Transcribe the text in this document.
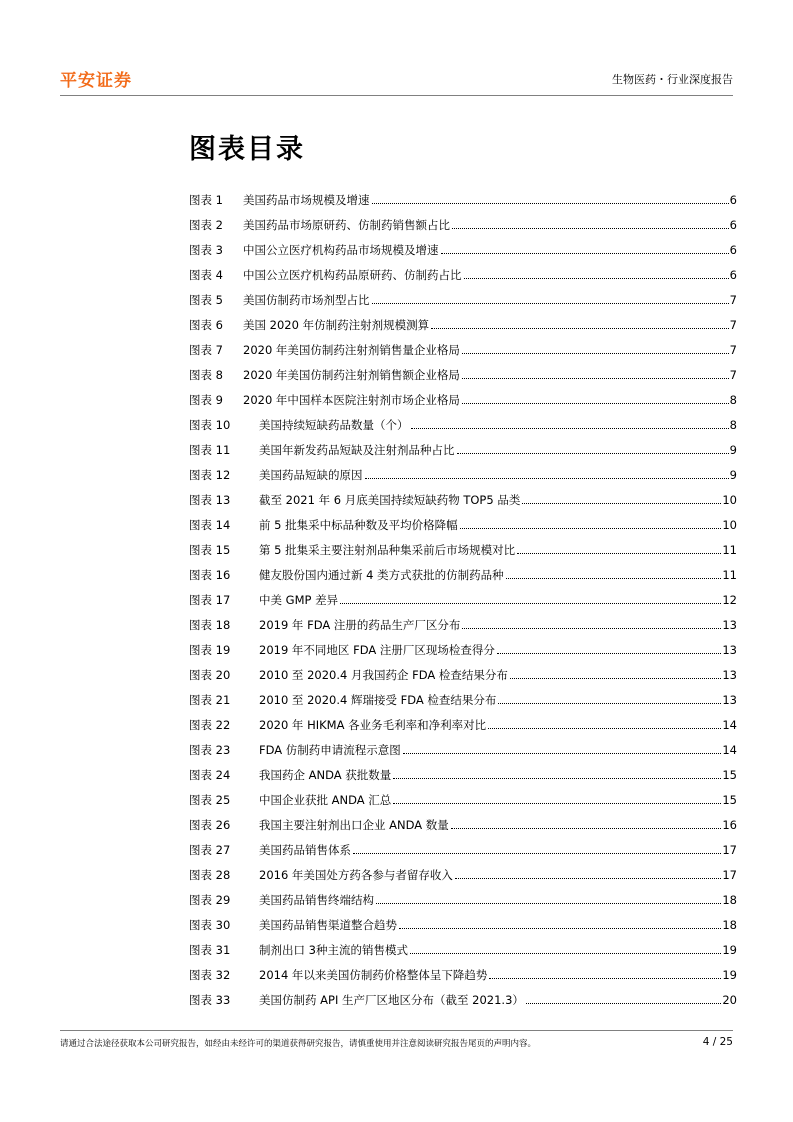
平安证券	生物医药・行业深度报告
图表目录
图表 1 美国药品市场规模及增速	6
图表 2 美国药品市场原研药、仿制药销售额占比	6
图表 3 中国公立医疗机构药品市场规模及增速	6
图表 4 中国公立医疗机构药品原研药、仿制药占比	6
图表 5 美国仿制药市场剂型占比	7
图表 6 美国 2020 年仿制药注射剂规模测算	7
图表 7 2020 年美国仿制药注射剂销售量企业格局	7
图表 8 2020 年美国仿制药注射剂销售额企业格局	7
图表 9 2020 年中国样本医院注射剂市场企业格局	8
图表 10 美国持续短缺药品数量（个）	8
图表 11 美国年新发药品短缺及注射剂品种占比	9
图表 12 美国药品短缺的原因	9
图表 13 截至 2021 年 6 月底美国持续短缺药物 TOP5 品类	10
图表 14 前 5 批集采中标品种数及平均价格降幅	10
图表 15 第 5 批集采主要注射剂品种集采前后市场规模对比	11
图表 16 健友股份国内通过新 4 类方式获批的仿制药品种	11
图表 17 中美 GMP 差异	12
图表 18 2019 年 FDA 注册的药品生产厂区分布	13
图表 19 2019 年不同地区 FDA 注册厂区现场检查得分	13
图表 20 2010 至 2020.4 月我国药企 FDA 检查结果分布	13
图表 21 2010 至 2020.4 辉瑞接受 FDA 检查结果分布	13
图表 22 2020 年 HIKMA 各业务毛利率和净利率对比	14
图表 23 FDA 仿制药申请流程示意图	14
图表 24 我国药企 ANDA 获批数量	15
图表 25 中国企业获批 ANDA 汇总	15
图表 26 我国主要注射剂出口企业 ANDA 数量	16
图表 27 美国药品销售体系	17
图表 28 2016 年美国处方药各参与者留存收入	17
图表 29 美国药品销售终端结构	18
图表 30 美国药品销售渠道整合趋势	18
图表 31 制剂出口 3种主流的销售模式	19
图表 32 2014 年以来美国仿制药价格整体呈下降趋势	19
图表 33 美国仿制药 API 生产厂区地区分布（截至 2021.3）	20
请通过合法途径获取本公司研究报告，如经由未经许可的渠道获得研究报告，请慎重使用并注意阅读研究报告尾页的声明内容。	4 / 25
